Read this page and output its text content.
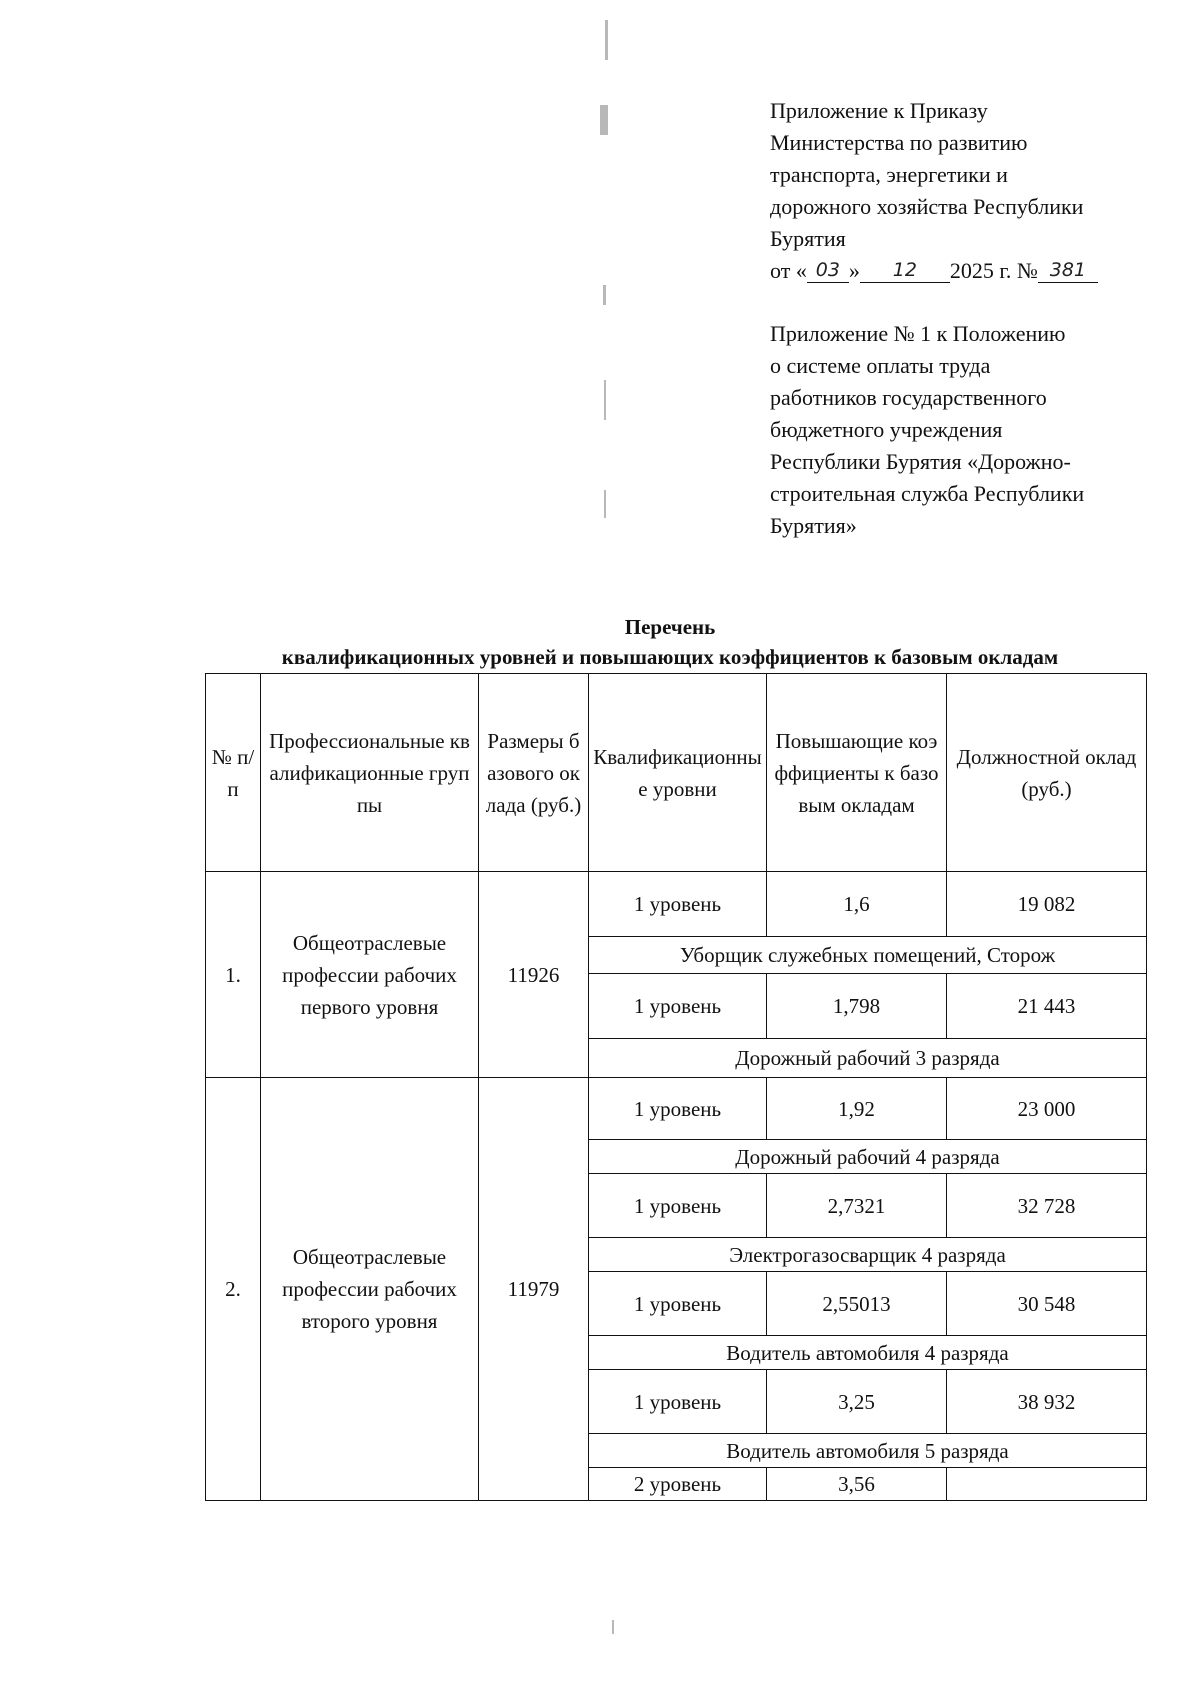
Приложение к Приказу
Министерства по развитию
транспорта, энергетики и
дорожного хозяйства Республики
Бурятия
от « 03 » 12 2025 г. № 381
Приложение № 1 к Положению
о системе оплаты труда
работников государственного
бюджетного учреждения
Республики Бурятия «Дорожно-
строительная служба Республики
Бурятия»
Перечень
квалификационных уровней и повышающих коэффициентов к базовым окладам
№ п/п	Профессиональные квалификационные группы	Размеры базового оклада (руб.)	Квалификационные уровни	Повышающие коэффициенты к базовым окладам	Должностной оклад (руб.)
1.	Общеотраслевые профессии рабочих первого уровня	11926	1 уровень	1,6	19 082
			Уборщик служебных помещений, Сторож		
			1 уровень	1,798	21 443
			Дорожный рабочий 3 разряда		
2.	Общеотраслевые профессии рабочих второго уровня	11979	1 уровень	1,92	23 000
			Дорожный рабочий 4 разряда		
			1 уровень	2,7321	32 728
			Электрогазосварщик 4 разряда		
			1 уровень	2,55013	30 548
			Водитель автомобиля 4 разряда		
			1 уровень	3,25	38 932
			Водитель автомобиля 5 разряда		
			2 уровень	3,56	
